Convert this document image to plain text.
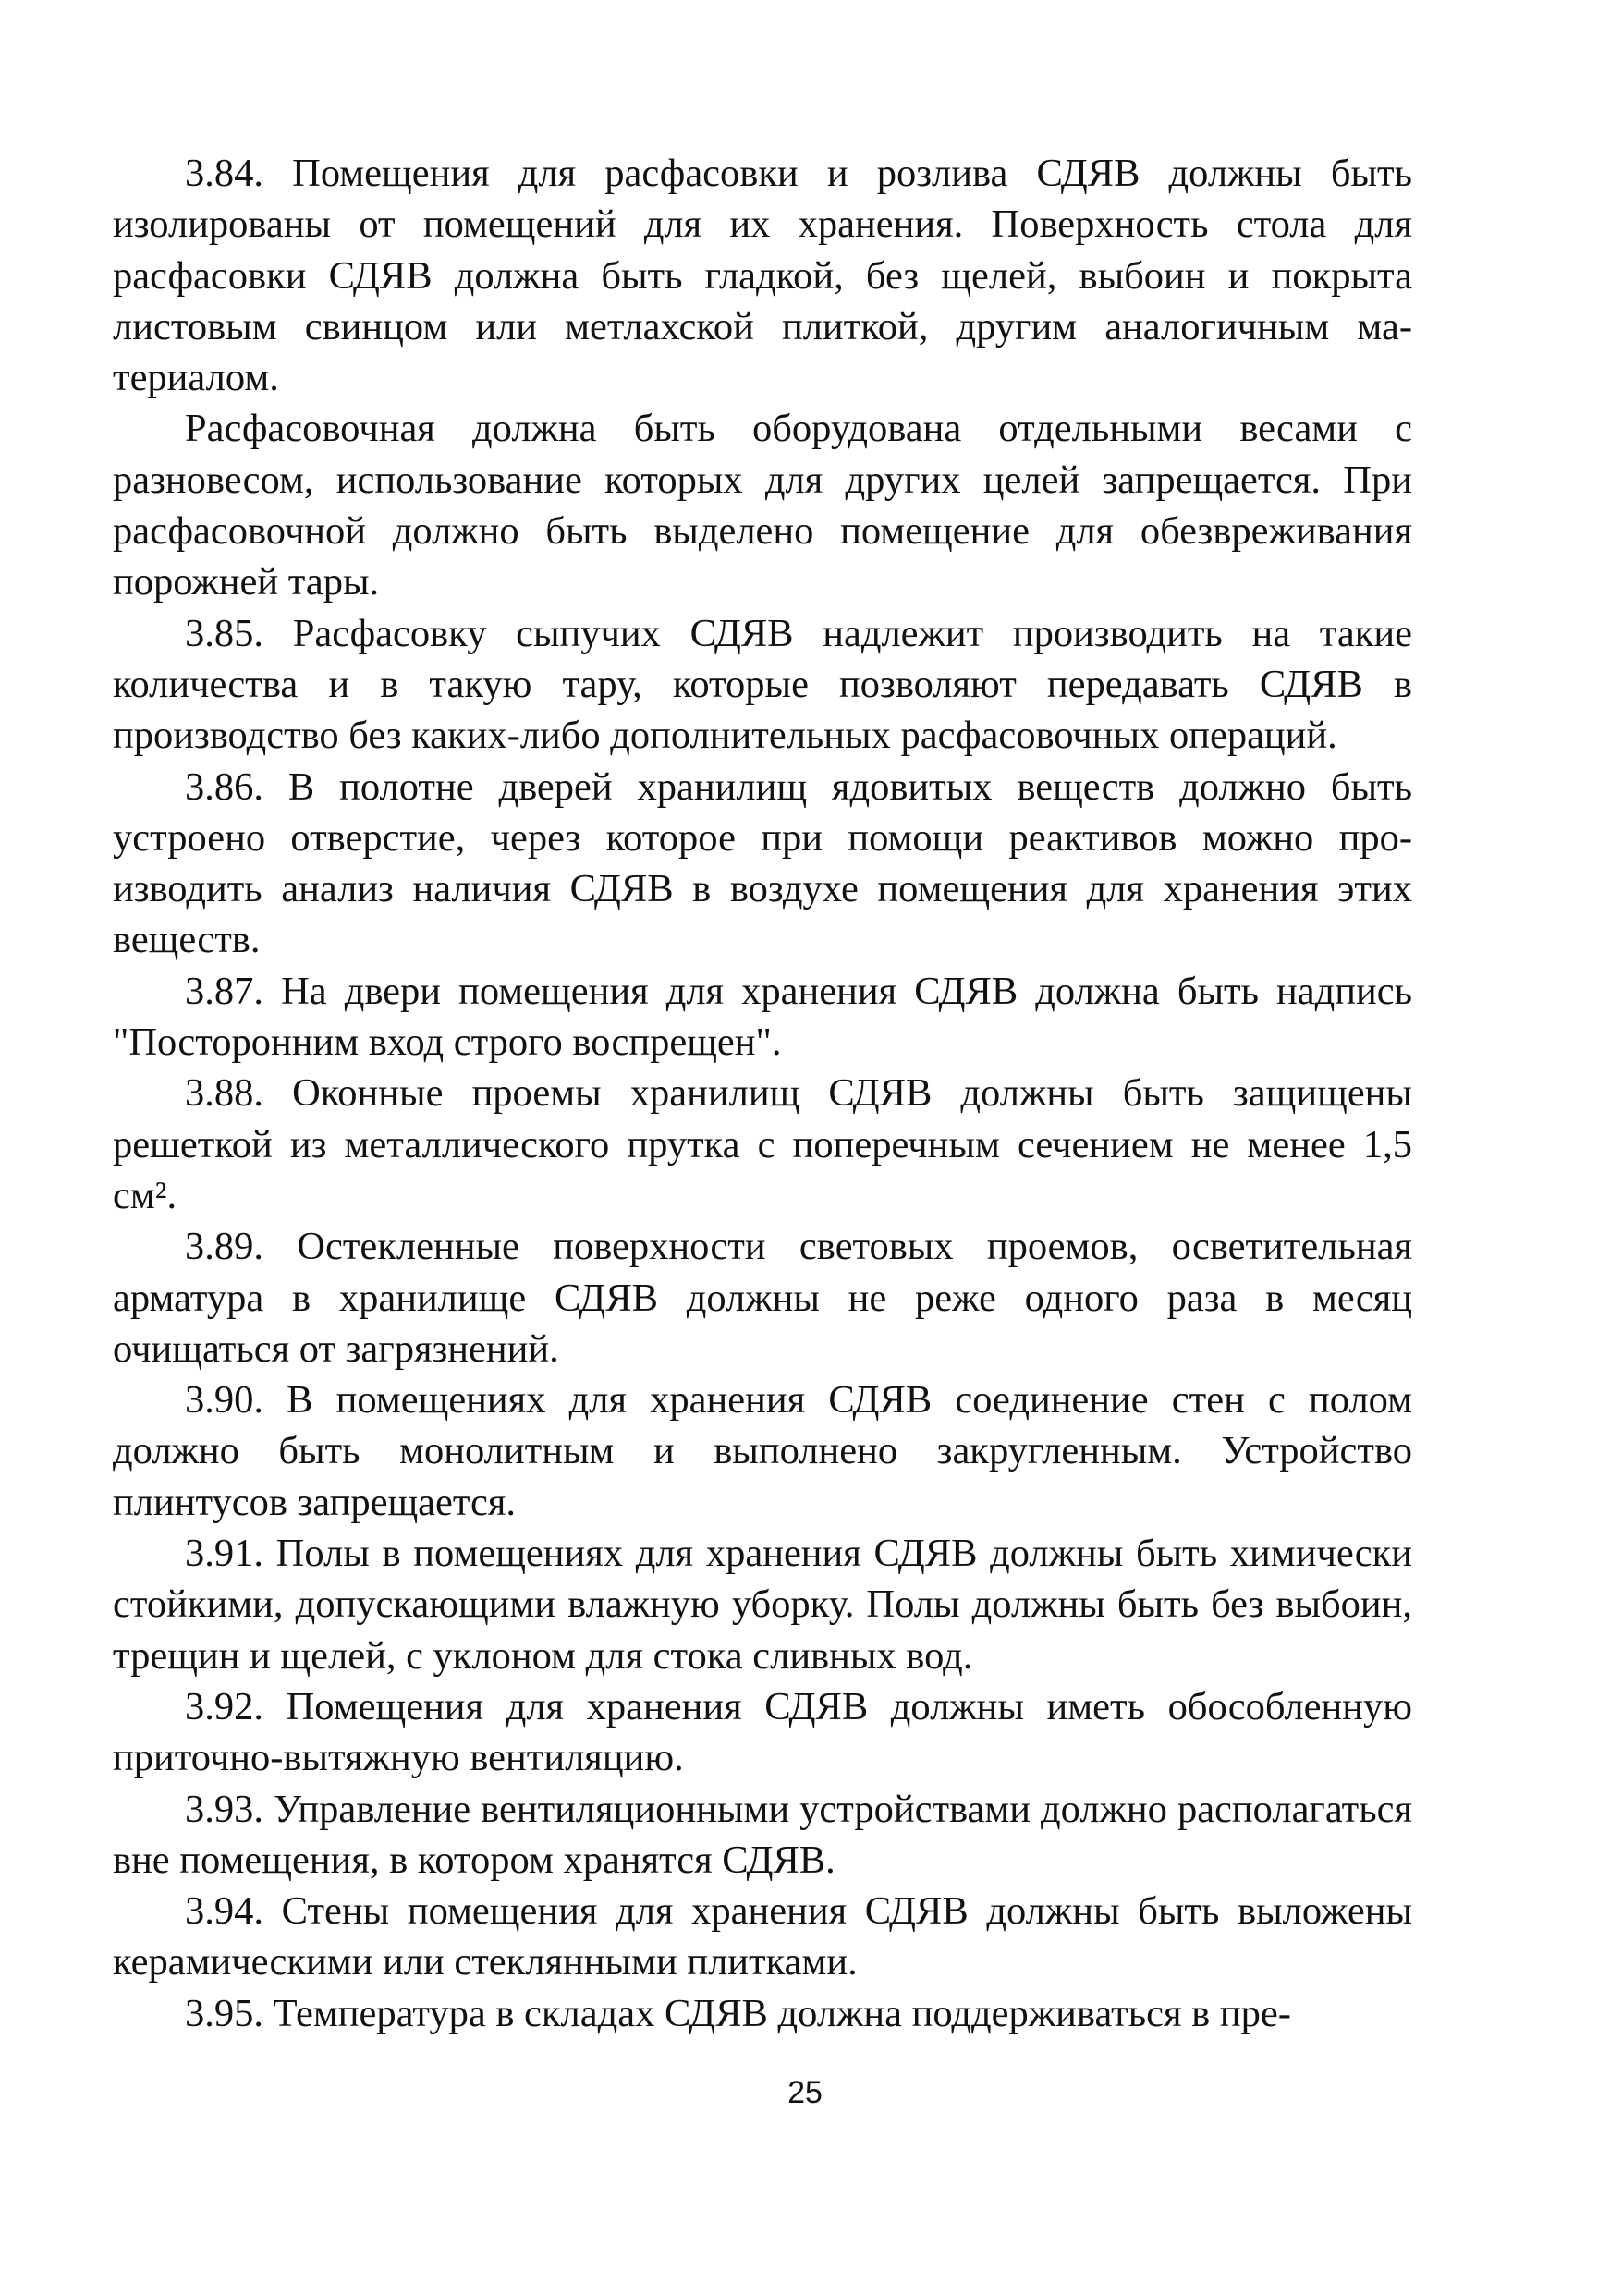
3.84. Помещения для расфасовки и розлива СДЯВ должны быть изолированы от помещений для их хранения. Поверхность стола для расфасовки СДЯВ должна быть гладкой, без щелей, выбоин и покрыта листовым свинцом или метлахской плиткой, другим аналогичным материалом.

Расфасовочная должна быть оборудована отдельными весами с разновесом, использование которых для других целей запрещается. При расфасовочной должно быть выделено помещение для обезвреживания порожней тары.

3.85. Расфасовку сыпучих СДЯВ надлежит производить на такие количества и в такую тару, которые позволяют передавать СДЯВ в производство без каких-либо дополнительных расфасовочных операций.

3.86. В полотне дверей хранилищ ядовитых веществ должно быть устроено отверстие, через которое при помощи реактивов можно производить анализ наличия СДЯВ в воздухе помещения для хранения этих веществ.

3.87. На двери помещения для хранения СДЯВ должна быть надпись "Посторонним вход строго воспрещен".

3.88. Оконные проемы хранилищ СДЯВ должны быть защищены решеткой из металлического прутка с поперечным сечением не менее 1,5 см².

3.89. Остекленные поверхности световых проемов, осветительная арматура в хранилище СДЯВ должны не реже одного раза в месяц очищаться от загрязнений.

3.90. В помещениях для хранения СДЯВ соединение стен с полом должно быть монолитным и выполнено закругленным. Устройство плинтусов запрещается.

3.91. Полы в помещениях для хранения СДЯВ должны быть химически стойкими, допускающими влажную уборку. Полы должны быть без выбоин, трещин и щелей, с уклоном для стока сливных вод.

3.92. Помещения для хранения СДЯВ должны иметь обособленную приточно-вытяжную вентиляцию.

3.93. Управление вентиляционными устройствами должно располагаться вне помещения, в котором хранятся СДЯВ.

3.94. Стены помещения для хранения СДЯВ должны быть выложены керамическими или стеклянными плитками.

3.95. Температура в складах СДЯВ должна поддерживаться в пре-

25
